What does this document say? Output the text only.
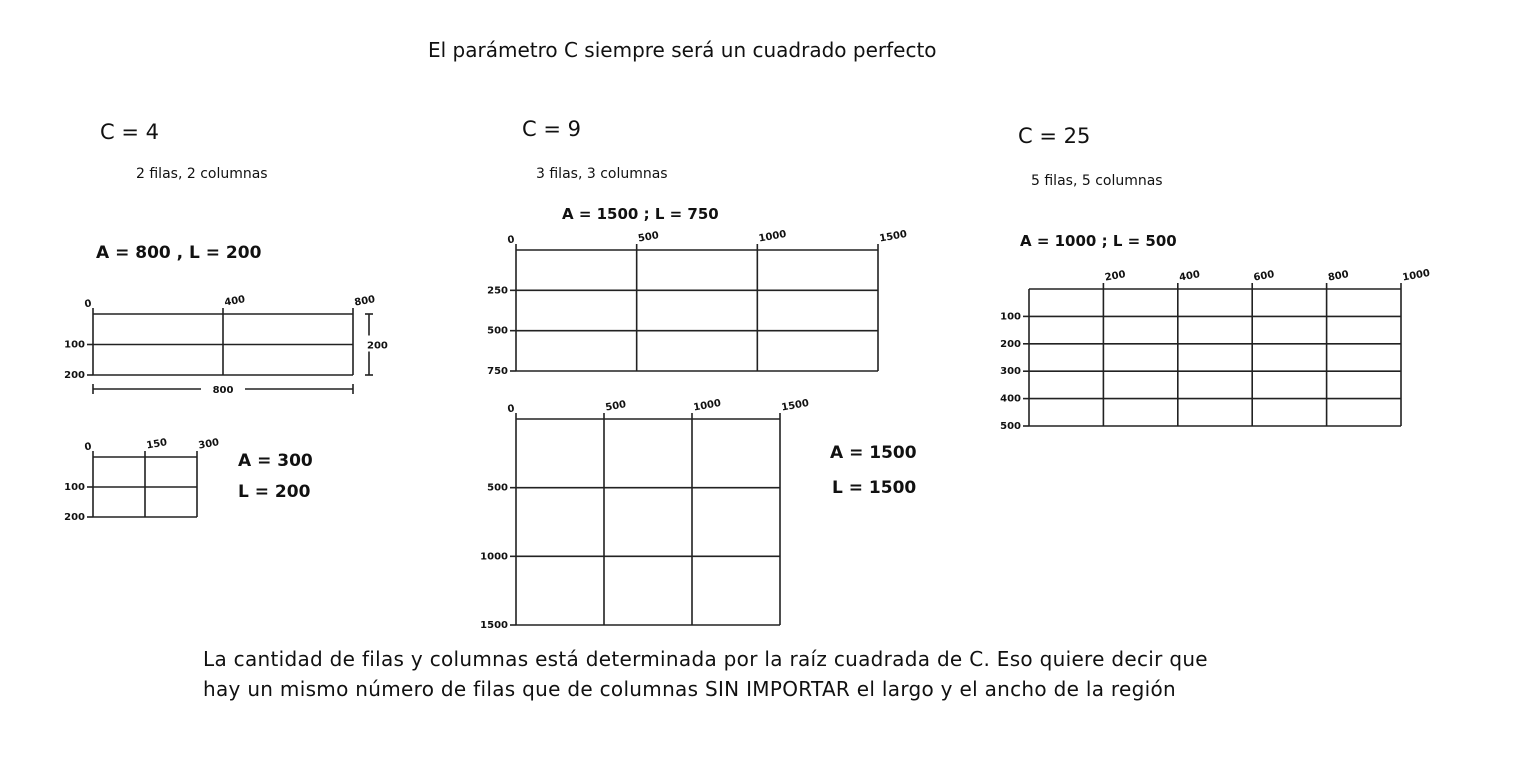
El parámetro C siempre será un cuadrado perfecto
C = 4
2 filas, 2 columnas
A = 800 , L = 200
A = 300
L = 200
C = 9
3 filas, 3 columnas
A = 1500 ; L = 750
A = 1500
L = 1500
C = 25
5 filas, 5 columnas
A = 1000 ; L = 500
0	400	800
100
200
200
800
0	150	300
100
200
0	500	1000	1500
250
500
750
0	500	1000	1500
500
1000
1500
200	400	600	800	1000
100
200
300
400
500
La cantidad de filas y columnas está determinada por la raíz cuadrada de C. Eso quiere decir que
hay un mismo número de filas que de columnas SIN IMPORTAR el largo y el ancho de la región
